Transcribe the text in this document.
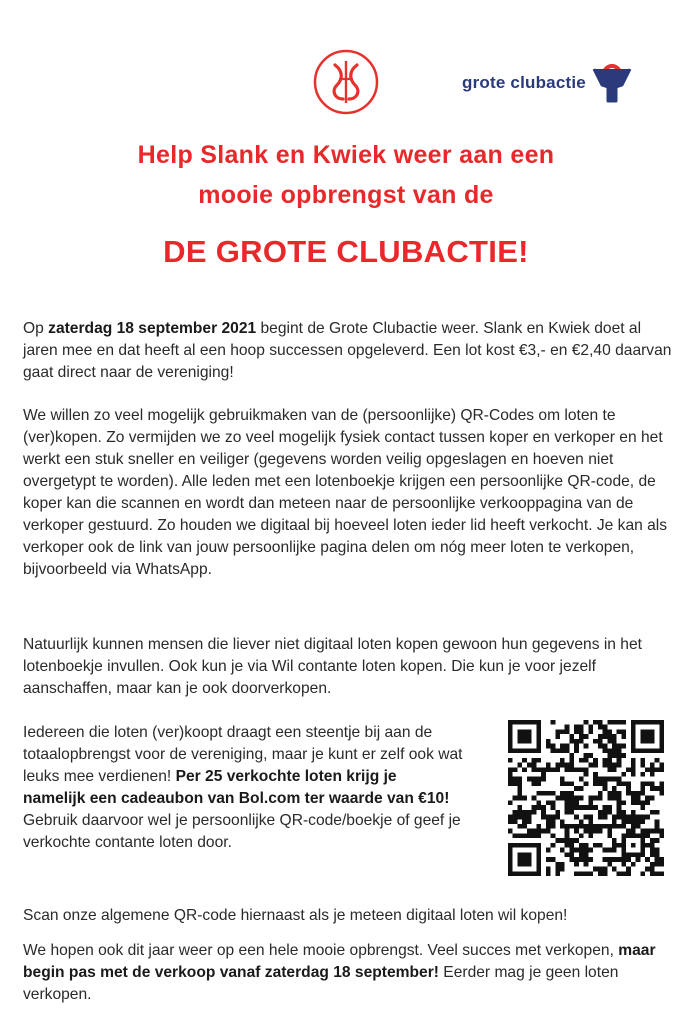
grote clubactie
Help Slank en Kwiek weer aan een
mooie opbrengst van de
DE GROTE CLUBACTIE!

Op zaterdag 18 september 2021 begint de Grote Clubactie weer. Slank en Kwiek doet al jaren mee en dat heeft al een hoop successen opgeleverd. Een lot kost €3,- en €2,40 daarvan gaat direct naar de vereniging!

We willen zo veel mogelijk gebruikmaken van de (persoonlijke) QR-Codes om loten te (ver)kopen. Zo vermijden we zo veel mogelijk fysiek contact tussen koper en verkoper en het werkt een stuk sneller en veiliger (gegevens worden veilig opgeslagen en hoeven niet overgetypt te worden). Alle leden met een lotenboekje krijgen een persoonlijke QR-code, de koper kan die scannen en wordt dan meteen naar de persoonlijke verkooppagina van de verkoper gestuurd. Zo houden we digitaal bij hoeveel loten ieder lid heeft verkocht. Je kan als verkoper ook de link van jouw persoonlijke pagina delen om nóg meer loten te verkopen, bijvoorbeeld via WhatsApp.

Natuurlijk kunnen mensen die liever niet digitaal loten kopen gewoon hun gegevens in het lotenboekje invullen. Ook kun je via Wil contante loten kopen. Die kun je voor jezelf aanschaffen, maar kan je ook doorverkopen.

Iedereen die loten (ver)koopt draagt een steentje bij aan de totaalopbrengst voor de vereniging, maar je kunt er zelf ook wat leuks mee verdienen! Per 25 verkochte loten krijg je namelijk een cadeaubon van Bol.com ter waarde van €10! Gebruik daarvoor wel je persoonlijke QR-code/boekje of geef je verkochte contante loten door.

Scan onze algemene QR-code hiernaast als je meteen digitaal loten wil kopen!

We hopen ook dit jaar weer op een hele mooie opbrengst. Veel succes met verkopen, maar begin pas met de verkoop vanaf zaterdag 18 september! Eerder mag je geen loten verkopen.
